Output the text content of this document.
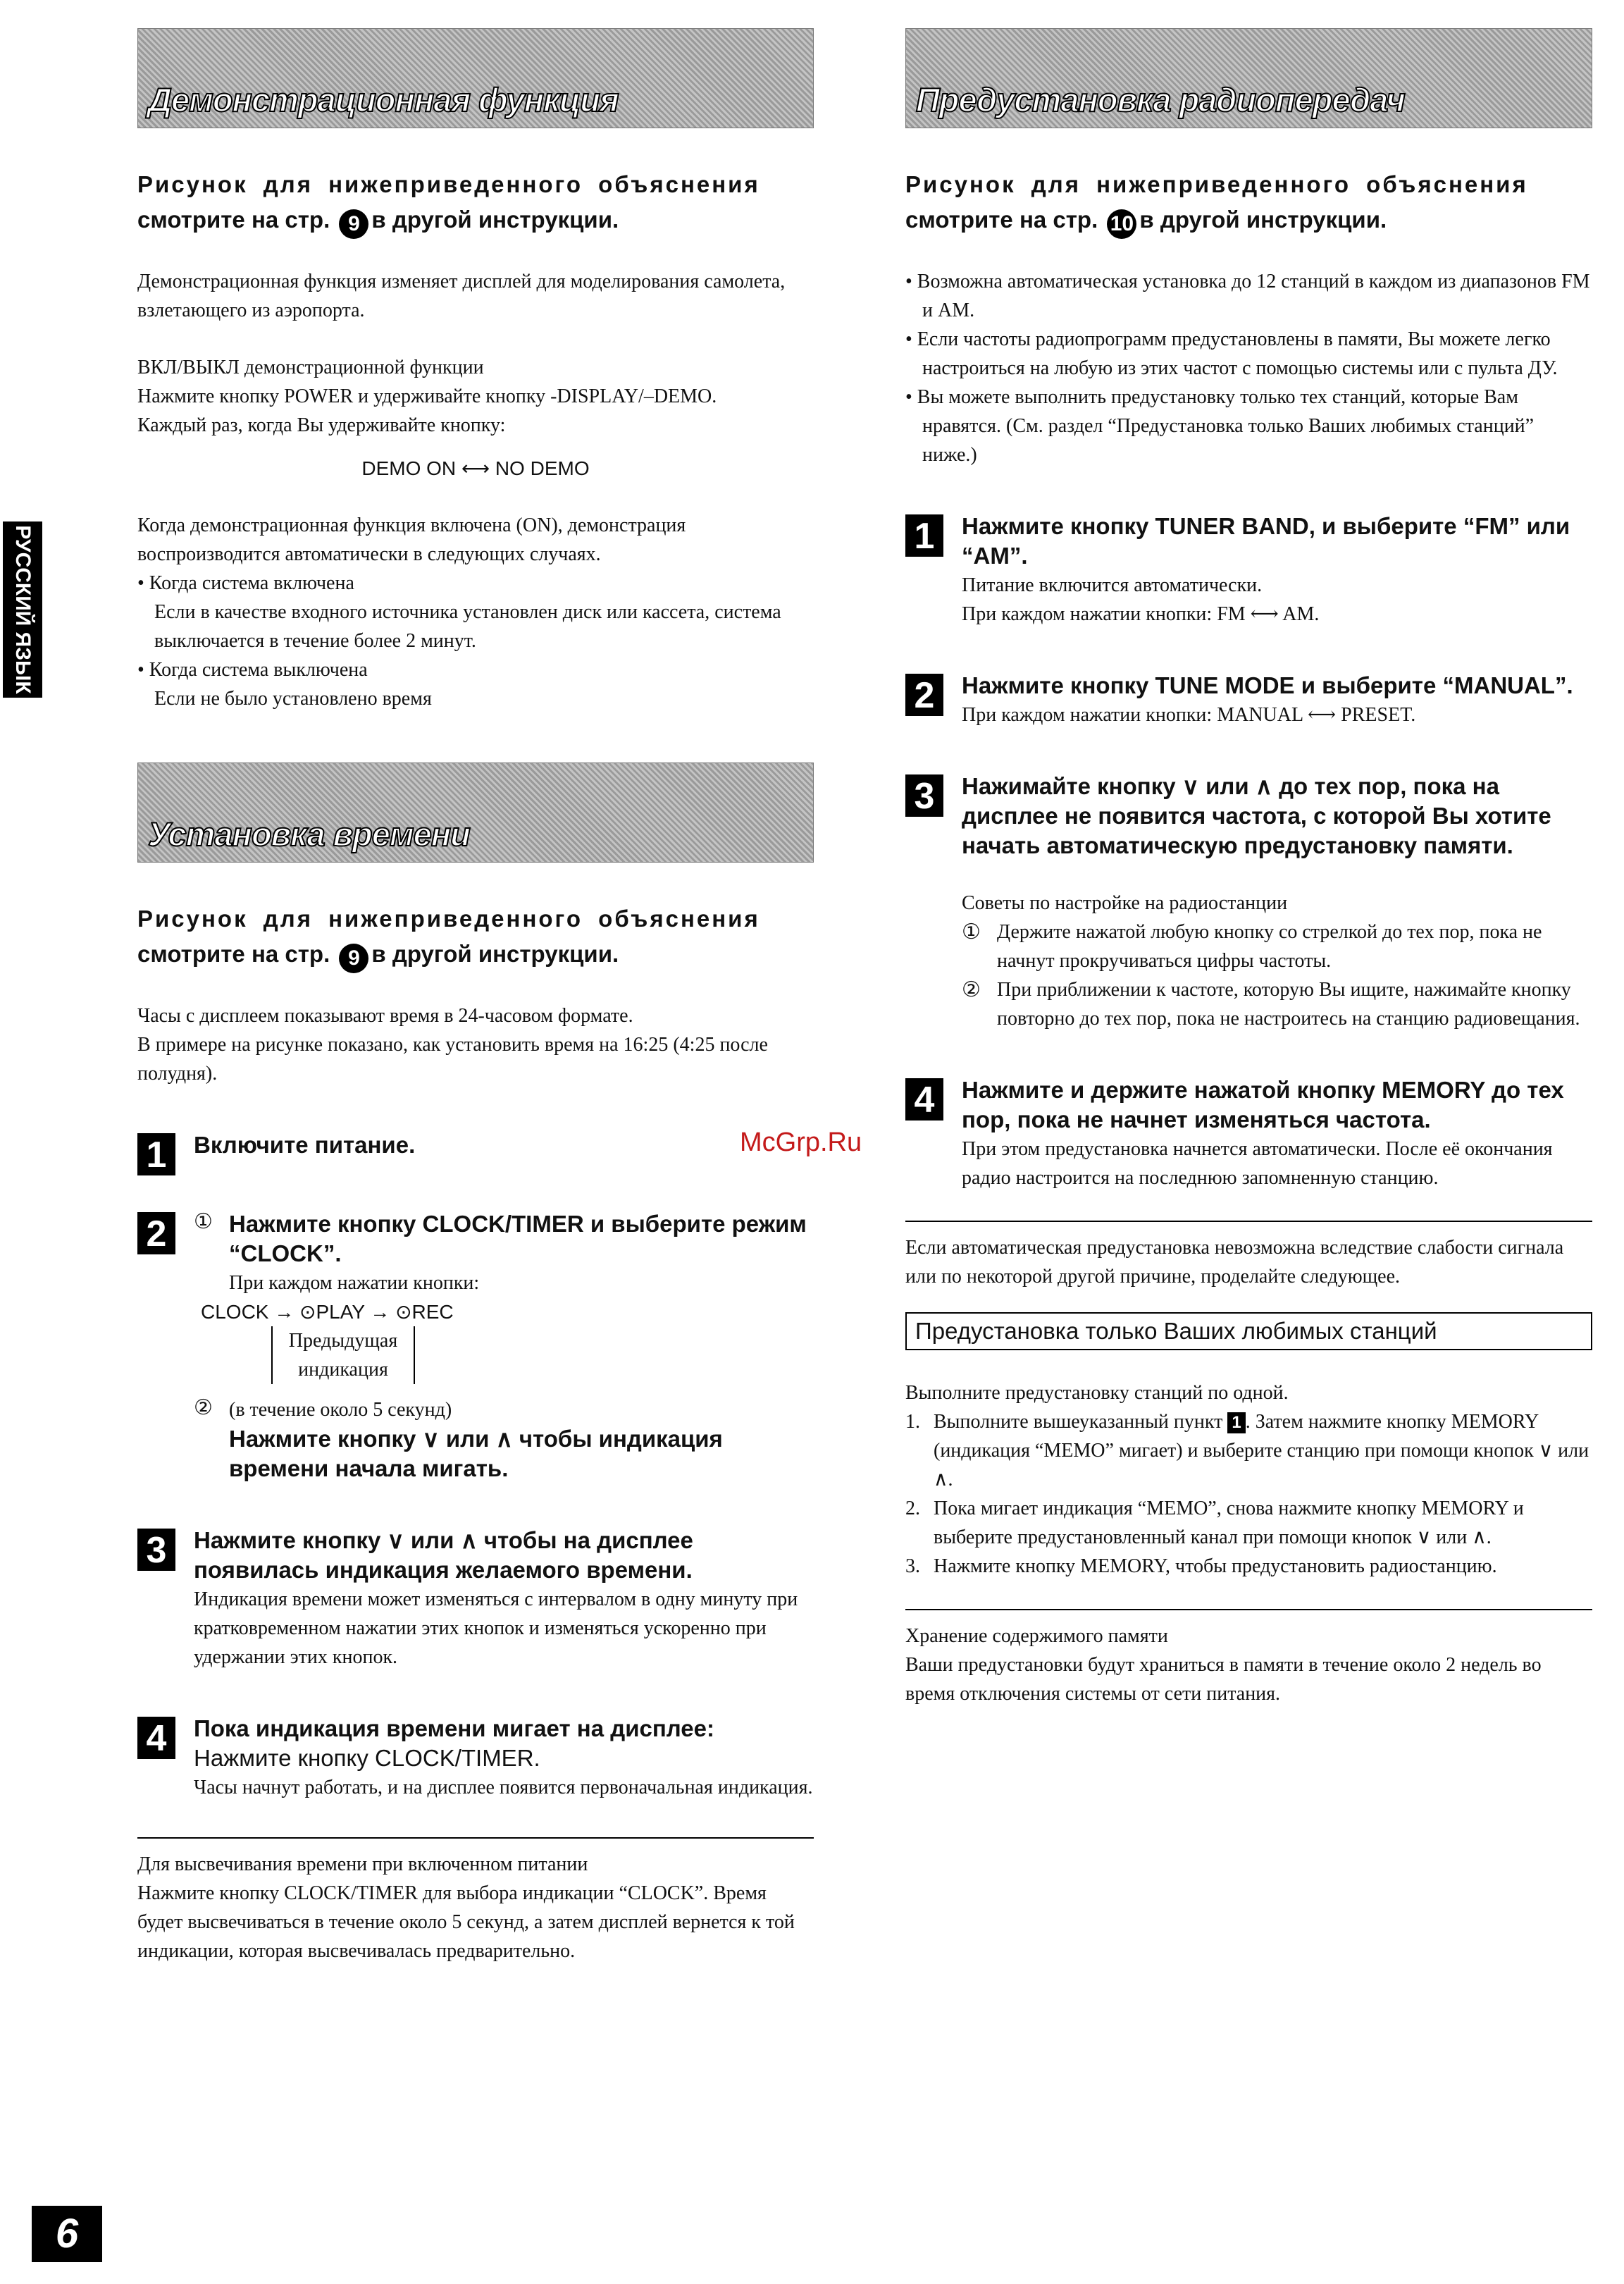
РУССКИЙ ЯЗЫК
6
McGrp.Ru
Демонстрационная функция
Рисунок для нижеприведенного объяснения
смотрите на стр. 9 в другой инструкции.
Демонстрационная функция изменяет дисплей для моделирования самолета, взлетающего из аэропорта.
ВКЛ/ВЫКЛ демонстрационной функции
Нажмите кнопку POWER и удерживайте кнопку -DISPLAY/–DEMO.
Каждый раз, когда Вы удерживайте кнопку:
DEMO ON ⟷ NO DEMO
Когда демонстрационная функция включена (ON), демонстрация воспроизводится автоматически в следующих случаях.
• Когда система включена
Если в качестве входного источника установлен диск или кассета, система выключается в течение более 2 минут.
• Когда система выключена
Если не было установлено время
Установка времени
Рисунок для нижеприведенного объяснения
смотрите на стр. 9 в другой инструкции.
Часы с дисплеем показывают время в 24-часовом формате.
В примере на рисунке показано, как установить время на 16:25 (4:25 после полудня).
1	Включите питание.
2	① Нажмите кнопку CLOCK/TIMER и выберите режим “CLOCK”.
При каждом нажатии кнопки:
CLOCK → ⊙PLAY → ⊙REC
Предыдущая индикация
② (в течение около 5 секунд)
Нажмите кнопку ∨ или ∧ чтобы индикация времени начала мигать.
3	Нажмите кнопку ∨ или ∧ чтобы на дисплее появилась индикация желаемого времени.
Индикация времени может изменяться с интервалом в одну минуту при кратковременном нажатии этих кнопок и изменяться ускоренно при удержании этих кнопок.
4	Пока индикация времени мигает на дисплее:
Нажмите кнопку CLOCK/TIMER.
Часы начнут работать, и на дисплее появится первоначальная индикация.
Для высвечивания времени при включенном питании
Нажмите кнопку CLOCK/TIMER для выбора индикации “CLOCK”. Время будет высвечиваться в течение около 5 секунд, а затем дисплей вернется к той индикации, которая высвечивалась предварительно.
Предустановка радиопередач
Рисунок для нижеприведенного объяснения
смотрите на стр. 10 в другой инструкции.
• Возможна автоматическая установка до 12 станций в каждом из диапазонов FM и AM.
• Если частоты радиопрограмм предустановлены в памяти, Вы можете легко настроиться на любую из этих частот с помощью системы или с пульта ДУ.
• Вы можете выполнить предустановку только тех станций, которые Вам нравятся. (См. раздел “Предустановка только Ваших любимых станций” ниже.)
1	Нажмите кнопку TUNER BAND, и выберите “FM” или “AM”.
Питание включится автоматически.
При каждом нажатии кнопки: FM ⟷ AM.
2	Нажмите кнопку TUNE MODE и выберите “MANUAL”.
При каждом нажатии кнопки: MANUAL ⟷ PRESET.
3	Нажимайте кнопку ∨ или ∧ до тех пор, пока на дисплее не появится частота, с которой Вы хотите начать автоматическую предустановку памяти.
Советы по настройке на радиостанции
① Держите нажатой любую кнопку со стрелкой до тех пор, пока не начнут прокручиваться цифры частоты.
② При приближении к частоте, которую Вы ищите, нажимайте кнопку повторно до тех пор, пока не настроитесь на станцию радиовещания.
4	Нажмите и держите нажатой кнопку MEMORY до тех пор, пока не начнет изменяться частота.
При этом предустановка начнется автоматически. После её окончания радио настроится на последнюю запомненную станцию.
Если автоматическая предустановка невозможна вследствие слабости сигнала или по некоторой другой причине, проделайте следующее.
Предустановка только Ваших любимых станций
Выполните предустановку станций по одной.
1. Выполните вышеуказанный пункт 1 . Затем нажмите кнопку MEMORY (индикация “MEMO” мигает) и выберите станцию при помощи кнопок ∨ или ∧.
2. Пока мигает индикация “MEMO”, снова нажмите кнопку MEMORY и выберите предустановленный канал при помощи кнопок ∨ или ∧.
3. Нажмите кнопку MEMORY, чтобы предустановить радиостанцию.
Хранение содержимого памяти
Ваши предустановки будут храниться в памяти в течение около 2 недель во время отключения системы от сети питания.
